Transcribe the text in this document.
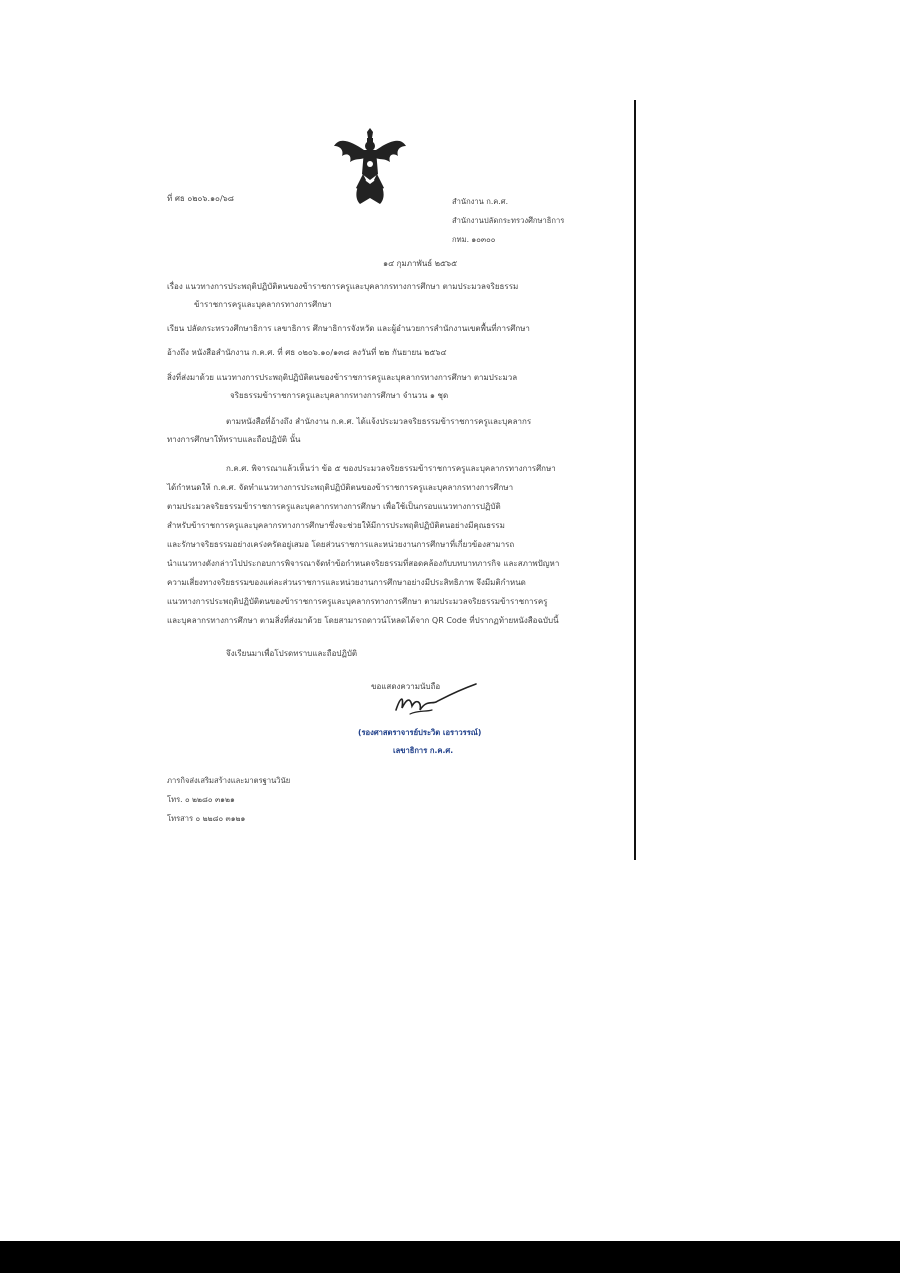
ที่ ศธ ๐๒๐๖.๑๐/๖๘	สำนักงาน ก.ค.ศ.
สำนักงานปลัดกระทรวงศึกษาธิการ
กทม. ๑๐๓๐๐
๑๔ กุมภาพันธ์ ๒๕๖๕
เรื่อง แนวทางการประพฤติปฏิบัติตนของข้าราชการครูและบุคลากรทางการศึกษา ตามประมวลจริยธรรม
ข้าราชการครูและบุคลากรทางการศึกษา
เรียน ปลัดกระทรวงศึกษาธิการ เลขาธิการ ศึกษาธิการจังหวัด และผู้อำนวยการสำนักงานเขตพื้นที่การศึกษา
อ้างถึง หนังสือสำนักงาน ก.ค.ศ. ที่ ศธ ๐๒๐๖.๑๐/๑๓๘ ลงวันที่ ๒๒ กันยายน ๒๕๖๔
สิ่งที่ส่งมาด้วย แนวทางการประพฤติปฏิบัติตนของข้าราชการครูและบุคลากรทางการศึกษา ตามประมวล
จริยธรรมข้าราชการครูและบุคลากรทางการศึกษา จำนวน ๑ ชุด
ตามหนังสือที่อ้างถึง สำนักงาน ก.ค.ศ. ได้แจ้งประมวลจริยธรรมข้าราชการครูและบุคลากร
ทางการศึกษาให้ทราบและถือปฏิบัติ นั้น
ก.ค.ศ. พิจารณาแล้วเห็นว่า ข้อ ๕ ของประมวลจริยธรรมข้าราชการครูและบุคลากรทางการศึกษา
ได้กำหนดให้ ก.ค.ศ. จัดทำแนวทางการประพฤติปฏิบัติตนของข้าราชการครูและบุคลากรทางการศึกษา
ตามประมวลจริยธรรมข้าราชการครูและบุคลากรทางการศึกษา เพื่อใช้เป็นกรอบแนวทางการปฏิบัติ
สำหรับข้าราชการครูและบุคลากรทางการศึกษาซึ่งจะช่วยให้มีการประพฤติปฏิบัติตนอย่างมีคุณธรรม
และรักษาจริยธรรมอย่างเคร่งครัดอยู่เสมอ โดยส่วนราชการและหน่วยงานการศึกษาที่เกี่ยวข้องสามารถ
นำแนวทางดังกล่าวไปประกอบการพิจารณาจัดทำข้อกำหนดจริยธรรมที่สอดคล้องกับบทบาทภารกิจ และสภาพปัญหา
ความเสี่ยงทางจริยธรรมของแต่ละส่วนราชการและหน่วยงานการศึกษาอย่างมีประสิทธิภาพ จึงมีมติกำหนด
แนวทางการประพฤติปฏิบัติตนของข้าราชการครูและบุคลากรทางการศึกษา ตามประมวลจริยธรรมข้าราชการครู
และบุคลากรทางการศึกษา ตามสิ่งที่ส่งมาด้วย โดยสามารถดาวน์โหลดได้จาก QR Code ที่ปรากฏท้ายหนังสือฉบับนี้
จึงเรียนมาเพื่อโปรดทราบและถือปฏิบัติ
ขอแสดงความนับถือ
(รองศาสตราจารย์ประวิต เอราวรรณ์)
เลขาธิการ ก.ค.ศ.
ภารกิจส่งเสริมสร้างและมาตรฐานวินัย
โทร. ๐ ๒๒๘๐ ๓๑๒๑
โทรสาร ๐ ๒๒๘๐ ๓๑๒๑
